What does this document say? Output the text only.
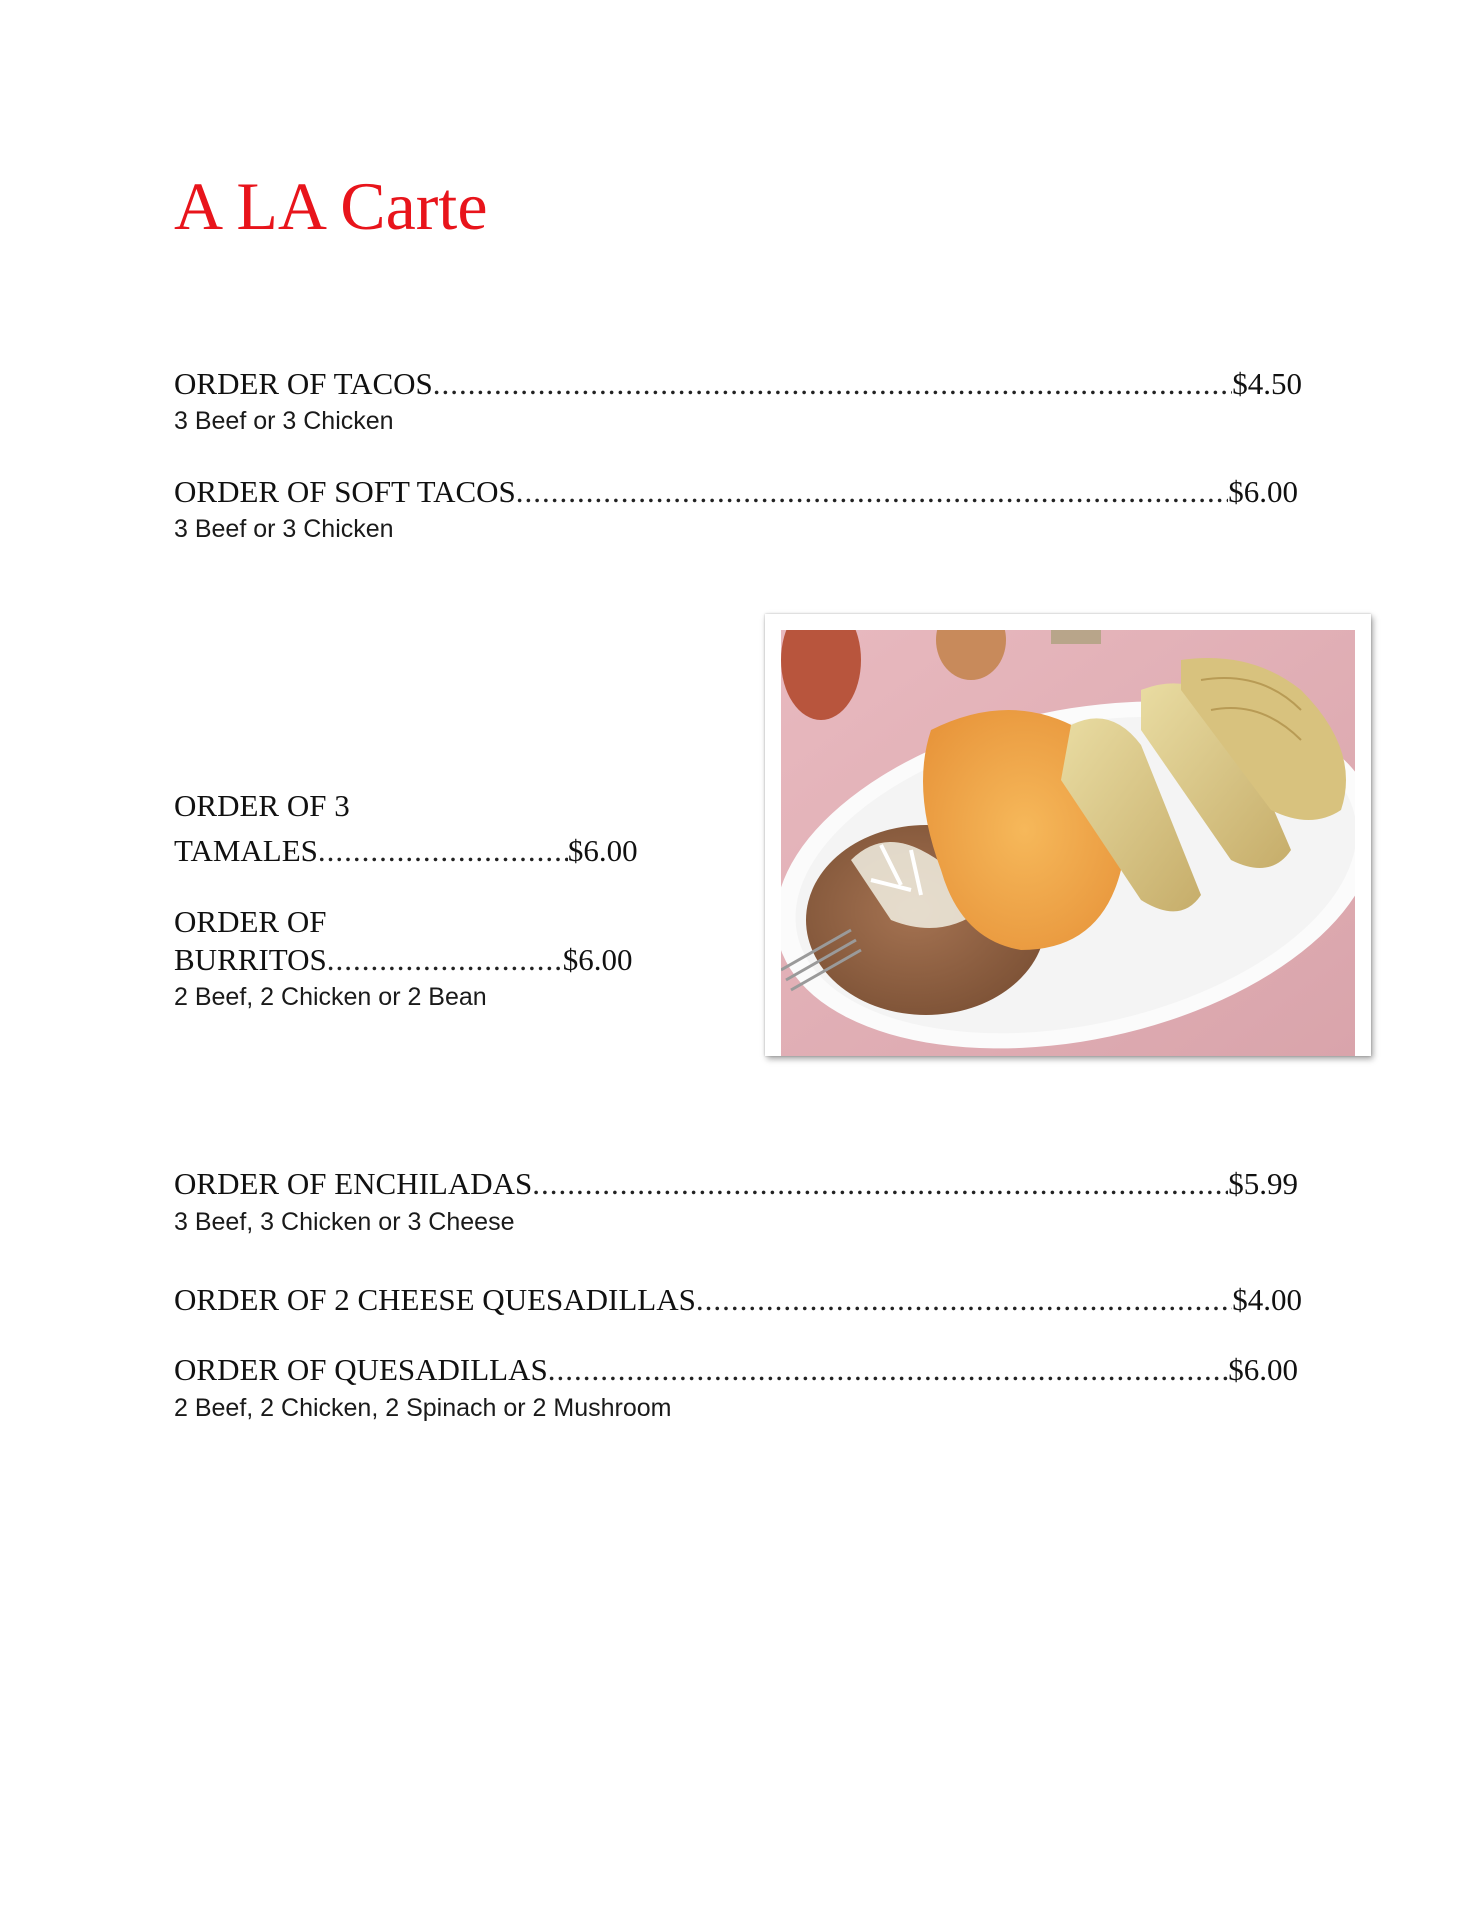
A LA Carte
ORDER OF TACOS .....	$4.50
3 Beef or 3 Chicken
ORDER OF SOFT TACOS .....	$6.00
3 Beef or 3 Chicken
ORDER OF 3
TAMALES .....	$6.00
ORDER OF
BURRITOS .....	$6.00
2 Beef, 2 Chicken or 2 Bean
ORDER OF ENCHILADAS .....	$5.99
3 Beef, 3 Chicken or 3 Cheese
ORDER OF 2 CHEESE QUESADILLAS .....	$4.00
ORDER OF QUESADILLAS .....	$6.00
2 Beef, 2 Chicken, 2 Spinach or 2 Mushroom
